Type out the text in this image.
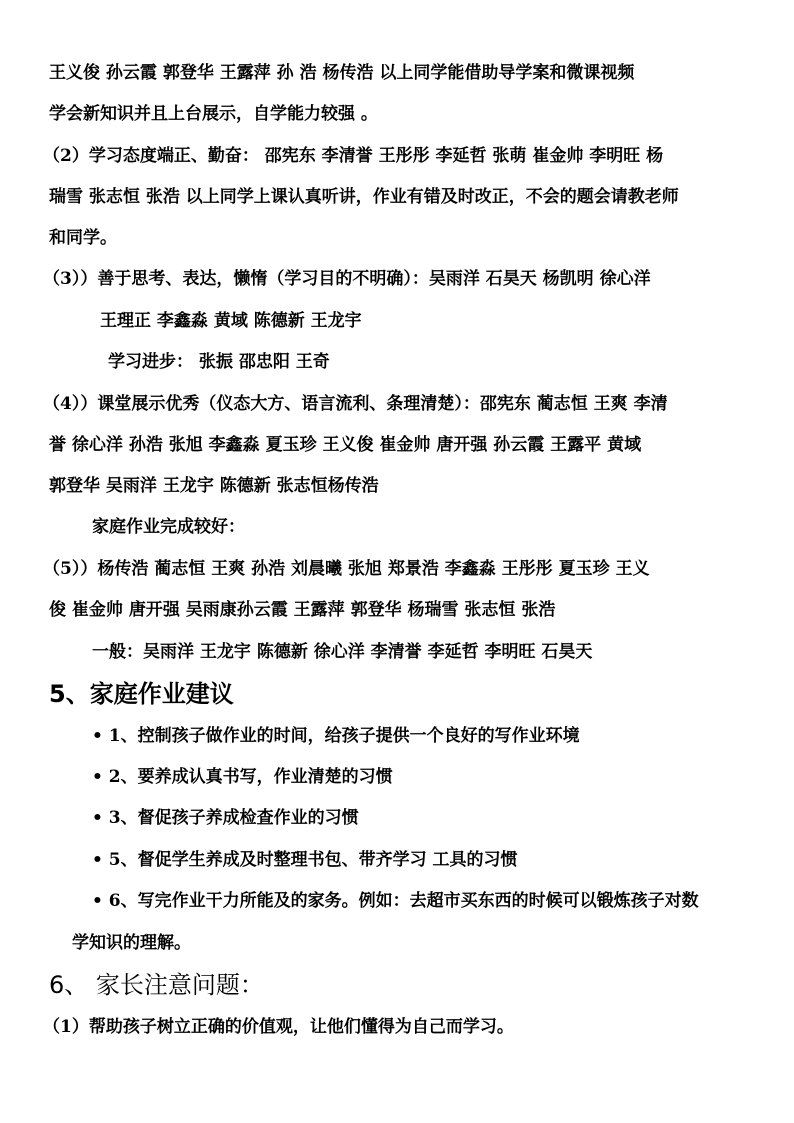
王义俊 孙云霞 郭登华 王露萍 孙 浩 杨传浩 以上同学能借助导学案和微课视频
学会新知识并且上台展示，自学能力较强 。
（2）学习态度端正、勤奋： 邵宪东 李清誉 王彤彤 李延哲 张萌 崔金帅 李明旺 杨
瑞雪 张志恒 张浩 以上同学上课认真听讲，作业有错及时改正，不会的题会请教老师
和同学。
（3））善于思考、表达，懒惰（学习目的不明确）：吴雨洋 石昊天 杨凯明 徐心洋
王理正 李鑫淼 黄域 陈德新 王龙宇
学习进步： 张振 邵忠阳 王奇
（4））课堂展示优秀（仪态大方、语言流利、条理清楚）：邵宪东 蔺志恒 王爽 李清
誉 徐心洋 孙浩 张旭 李鑫淼 夏玉珍 王义俊 崔金帅 唐开强 孙云霞 王露平 黄域
郭登华 吴雨洋 王龙宇 陈德新 张志恒杨传浩
家庭作业完成较好：
（5））杨传浩 蔺志恒 王爽 孙浩 刘晨曦 张旭 郑景浩 李鑫淼 王彤彤 夏玉珍 王义
俊 崔金帅 唐开强 吴雨康孙云霞 王露萍 郭登华 杨瑞雪 张志恒 张浩
一般：吴雨洋 王龙宇 陈德新 徐心洋 李清誉 李延哲 李明旺 石昊天
5、家庭作业建议
• 1、控制孩子做作业的时间，给孩子提供一个良好的写作业环境
• 2、要养成认真书写，作业清楚的习惯
• 3、督促孩子养成检查作业的习惯
• 5、督促学生养成及时整理书包、带齐学习 工具的习惯
• 6、写完作业干力所能及的家务。例如：去超市买东西的时候可以锻炼孩子对数
学知识的理解。
6、 家长注意问题：
（1）帮助孩子树立正确的价值观，让他们懂得为自己而学习。
